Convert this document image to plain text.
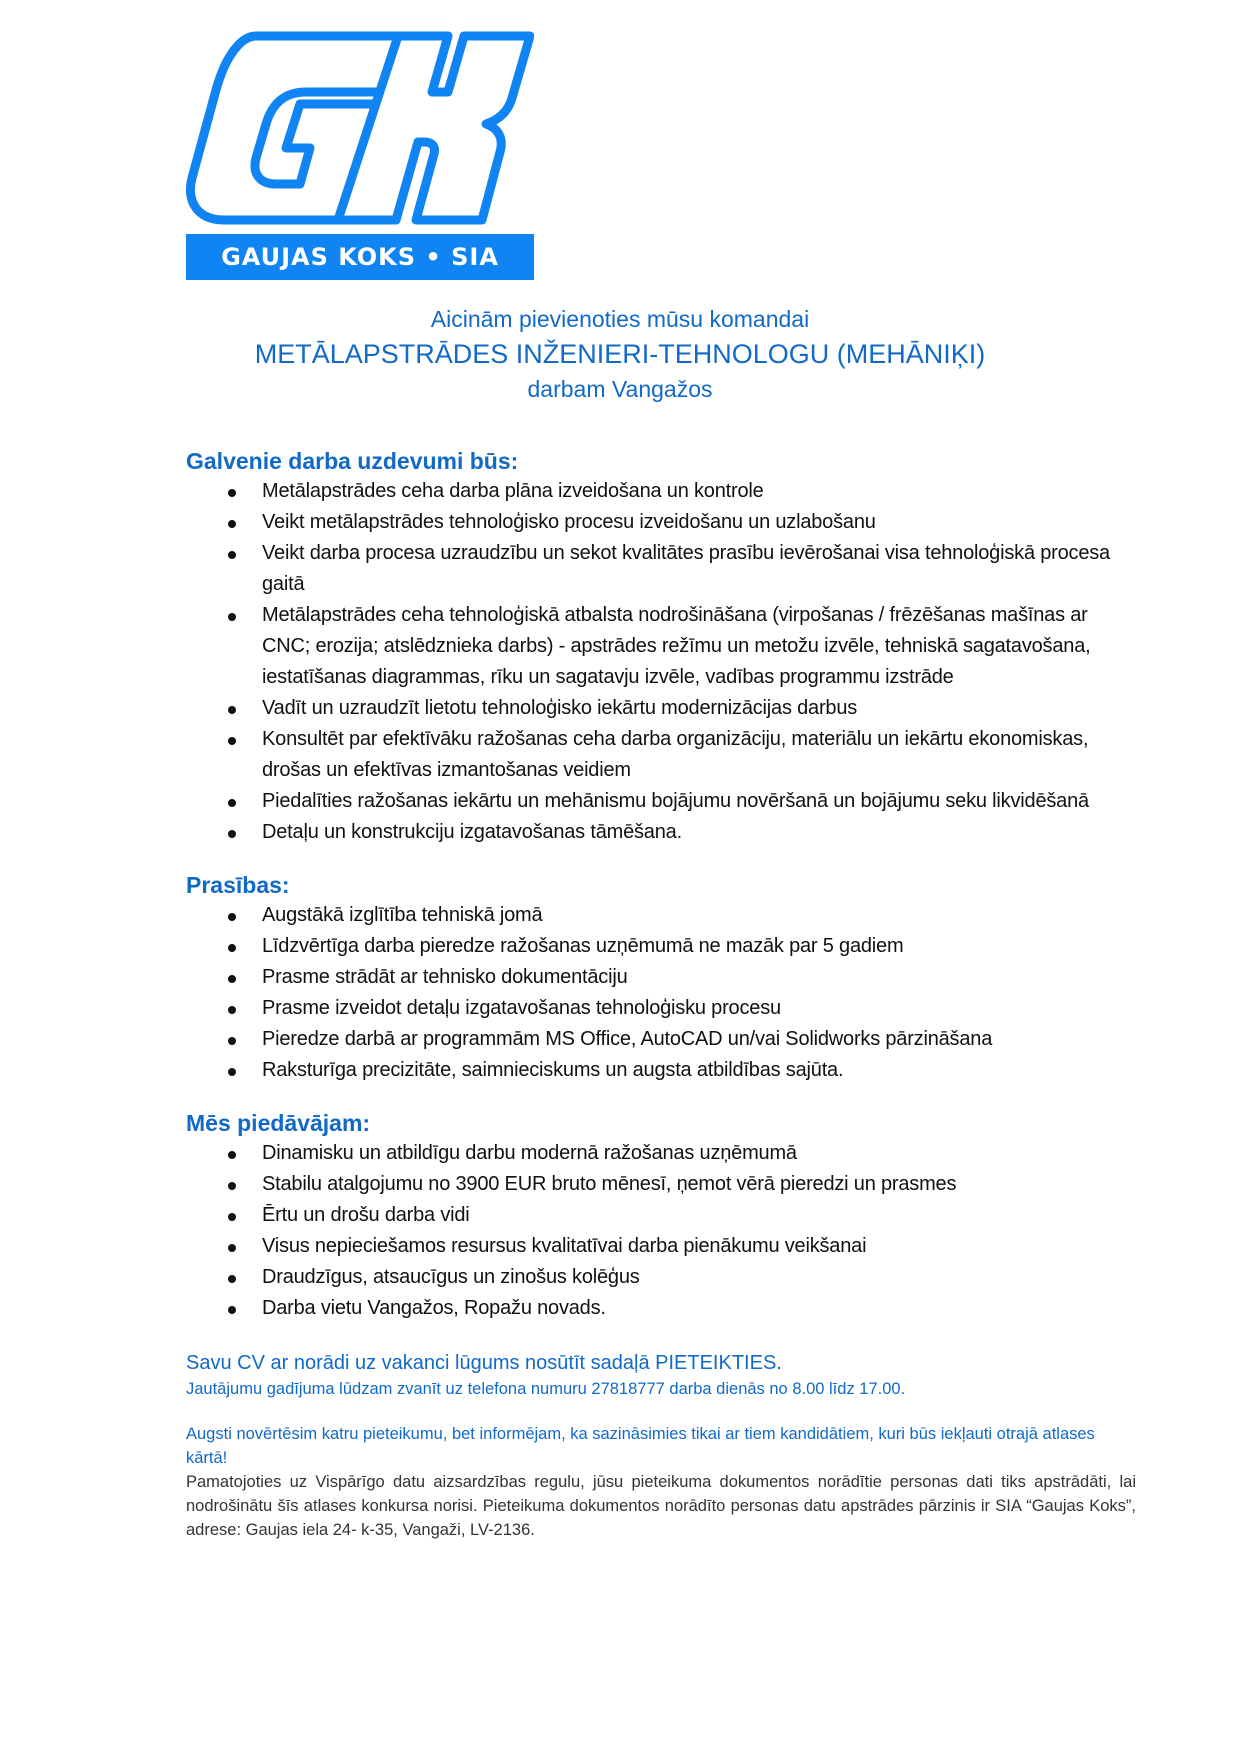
GAUJAS KOKS • SIA
Aicinām pievienoties mūsu komandai
METĀLAPSTRĀDES INŽENIERI-TEHNOLOGU (MEHĀNIĶI)
darbam Vangažos
Galvenie darba uzdevumi būs:
Metālapstrādes ceha darba plāna izveidošana un kontrole
Veikt metālapstrādes tehnoloģisko procesu izveidošanu un uzlabošanu
Veikt darba procesa uzraudzību un sekot kvalitātes prasību ievērošanai visa tehnoloģiskā procesa gaitā
Metālapstrādes ceha tehnoloģiskā atbalsta nodrošināšana (virpošanas / frēzēšanas mašīnas ar CNC; erozija; atslēdznieka darbs) - apstrādes režīmu un metožu izvēle, tehniskā sagatavošana, iestatīšanas diagrammas, rīku un sagatavju izvēle, vadības programmu izstrāde
Vadīt un uzraudzīt lietotu tehnoloģisko iekārtu modernizācijas darbus
Konsultēt par efektīvāku ražošanas ceha darba organizāciju, materiālu un iekārtu ekonomiskas, drošas un efektīvas izmantošanas veidiem
Piedalīties ražošanas iekārtu un mehānismu bojājumu novēršanā un bojājumu seku likvidēšanā
Detaļu un konstrukciju izgatavošanas tāmēšana.
Prasības:
Augstākā izglītība tehniskā jomā
Līdzvērtīga darba pieredze ražošanas uzņēmumā ne mazāk par 5 gadiem
Prasme strādāt ar tehnisko dokumentāciju
Prasme izveidot detaļu izgatavošanas tehnoloģisku procesu
Pieredze darbā ar programmām MS Office, AutoCAD un/vai Solidworks pārzināšana
Raksturīga precizitāte, saimnieciskums un augsta atbildības sajūta.
Mēs piedāvājam:
Dinamisku un atbildīgu darbu modernā ražošanas uzņēmumā
Stabilu atalgojumu no 3900 EUR bruto mēnesī, ņemot vērā pieredzi un prasmes
Ērtu un drošu darba vidi
Visus nepieciešamos resursus kvalitatīvai darba pienākumu veikšanai
Draudzīgus, atsaucīgus un zinošus kolēģus
Darba vietu Vangažos, Ropažu novads.
Savu CV ar norādi uz vakanci lūgums nosūtīt sadaļā PIETEIKTIES.
Jautājumu gadījuma lūdzam zvanīt uz telefona numuru 27818777 darba dienās no 8.00 līdz 17.00.
Augsti novērtēsim katru pieteikumu, bet informējam, ka sazināsimies tikai ar tiem kandidātiem, kuri būs iekļauti otrajā atlases kārtā!
Pamatojoties uz Vispārīgo datu aizsardzības regulu, jūsu pieteikuma dokumentos norādītie personas dati tiks apstrādāti, lai nodrošinātu šīs atlases konkursa norisi. Pieteikuma dokumentos norādīto personas datu apstrādes pārzinis ir SIA “Gaujas Koks”, adrese: Gaujas iela 24- k-35, Vangaži, LV-2136.
